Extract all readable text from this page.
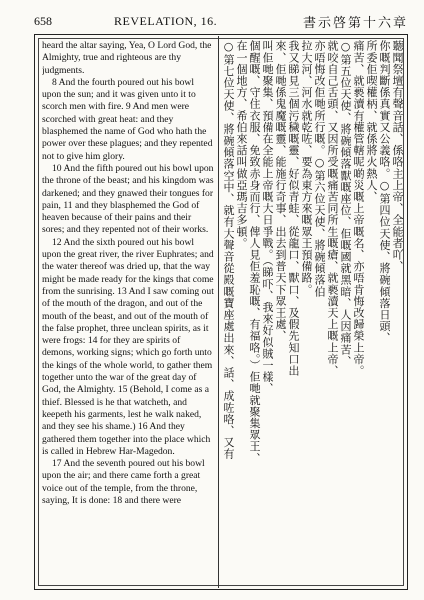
658	REVELATION, 16.	書示啓第十六章

heard the altar saying, Yea, O Lord God, the Almighty, true and righteous are thy judgments.

8 And the fourth poured out his bowl upon the sun; and it was given unto it to scorch men with fire. 9 And men were scorched with great heat: and they blasphemed the name of God who hath the power over these plagues; and they repented not to give him glory.

10 And the fifth poured out his bowl upon the throne of the beast; and his kingdom was darkened; and they gnawed their tongues for pain, 11 and they blasphemed the God of heaven because of their pains and their sores; and they repented not of their works.

12 And the sixth poured out his bowl upon the great river, the river Euphrates; and the water thereof was dried up, that the way might be made ready for the kings that come from the sunrising. 13 And I saw coming out of the mouth of the dragon, and out of the mouth of the beast, and out of the mouth of the false prophet, three unclean spirits, as it were frogs: 14 for they are spirits of demons, working signs; which go forth unto the kings of the whole world, to gather them together unto the war of the great day of God, the Almighty. 15 (Behold, I come as a thief. Blessed is he that watcheth, and keepeth his garments, lest he walk naked, and they see his shame.) 16 And they gathered them together into the place which is called in Hebrew Har-Magedon.

17 And the seventh poured out his bowl upon the air; and there came forth a great voice out of the temple, from the throne, saying, It is done: 18 and there were

聽聞祭壇有聲音話、係咯主上帝、全能者吖、
你嘅判斷係真實又公義咯。○第四位天使、將碗傾落日頭、
所委佢喫權柄、就係將火熱人、
痛苦、就褻瀆有權管轄呢啲災嘅上帝嘅名、亦唔肯悔改歸榮上帝。
○第五位天使、將碗傾落獸嘅座位、佢嘅國就黑暗、人因痛苦、
就咬自己舌頭、又因所受嘅痛苦同所生嘅瘡、就褻瀆天上嘅上帝、
亦唔悔改佢哋所行嘅。○第六位天使、將碗傾落伯
拉大河、河水就乾咗、要為東方來嘅眾王預備路。
我又睇見三個污穢嘅靈、好似青蛙、從龍口、獸口、及假先知口出
來、佢哋係鬼魔嘅靈、能施行奇事、出去到普天下眾王處、
叫佢哋聚集、預備在全能上帝嘅大日爭戰。（睇吓、我來好似賊一樣、
個醒嘅、守住衣服、免致赤身而行、俾人見佢羞恥嘅、有福咯。）佢哋就聚集眾王、
在一個地方、希伯來話叫做亞瑪吉多頓。
○第七位天使、將碗傾落空中、就有大聲音從殿嘅寶座處出來、話、成咗咯、又有
